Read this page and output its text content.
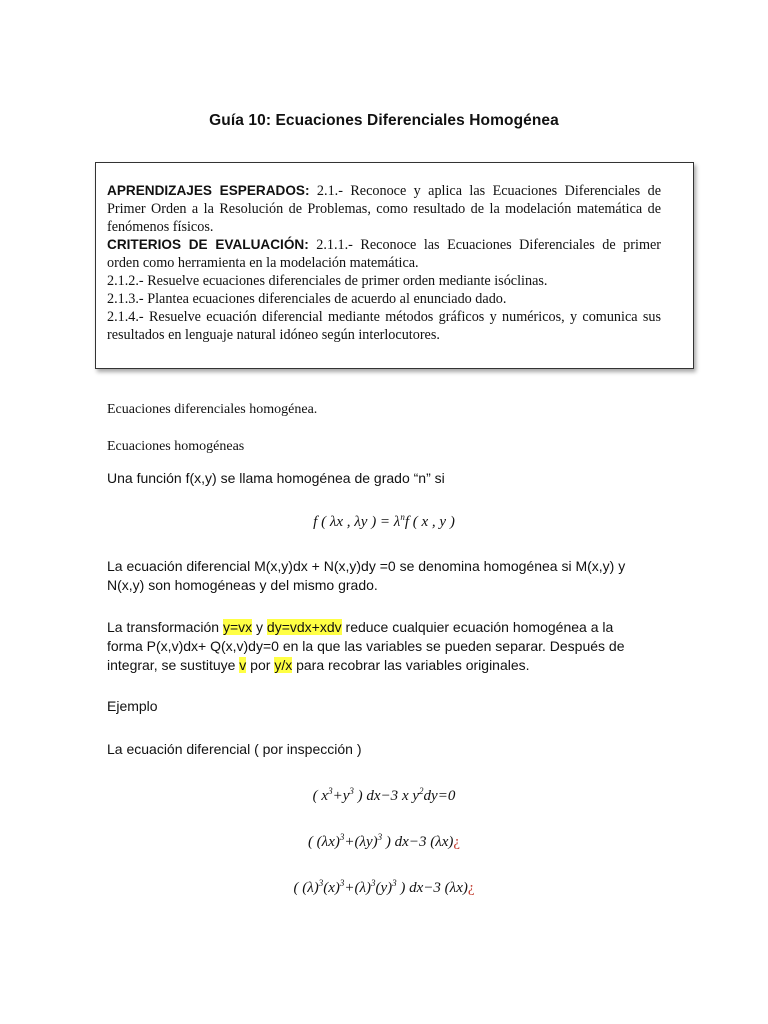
Guía 10: Ecuaciones Diferenciales Homogénea

APRENDIZAJES ESPERADOS: 2.1.- Reconoce y aplica las Ecuaciones Diferenciales de Primer Orden a la Resolución de Problemas, como resultado de la modelación matemática de fenómenos físicos.

CRITERIOS DE EVALUACIÓN: 2.1.1.- Reconoce las Ecuaciones Diferenciales de primer orden como herramienta en la modelación matemática.

2.1.2.- Resuelve ecuaciones diferenciales de primer orden mediante isóclinas.

2.1.3.- Plantea ecuaciones diferenciales de acuerdo al enunciado dado.

2.1.4.- Resuelve ecuación diferencial mediante métodos gráficos y numéricos, y comunica sus resultados en lenguaje natural idóneo según interlocutores.

Ecuaciones diferenciales homogénea.
Ecuaciones homogéneas
Una función f(x,y) se llama homogénea de grado “n” si
f ( λx , λy ) = $\lambda^nf$ ( x , y )

La ecuación diferencial M(x,y)dx + N(x,y)dy =0 se denomina homogénea si M(x,y) y

N(x,y) son homogéneas y del mismo grado.

La transformación y=vx y dy=vdx+xdv reduce cualquier ecuación homogénea a la

forma P(x,v)dx+ Q(x,v)dy=0 en la que las variables se pueden separar. Después de

integrar, se sustituye v por y/x para recobrar las variables originales.

Ejemplo
La ecuación diferencial ( por inspección )
( $x^3+y^3$ ) dx−3 x $y^2dy=0$
( $(\lambda x)^3+(\lambda y)^3$ ) dx−3 (λx)¿
( $(\lambda)^3(x)^3+(\lambda)^3(y)^3$ ) dx−3 (λx)¿
